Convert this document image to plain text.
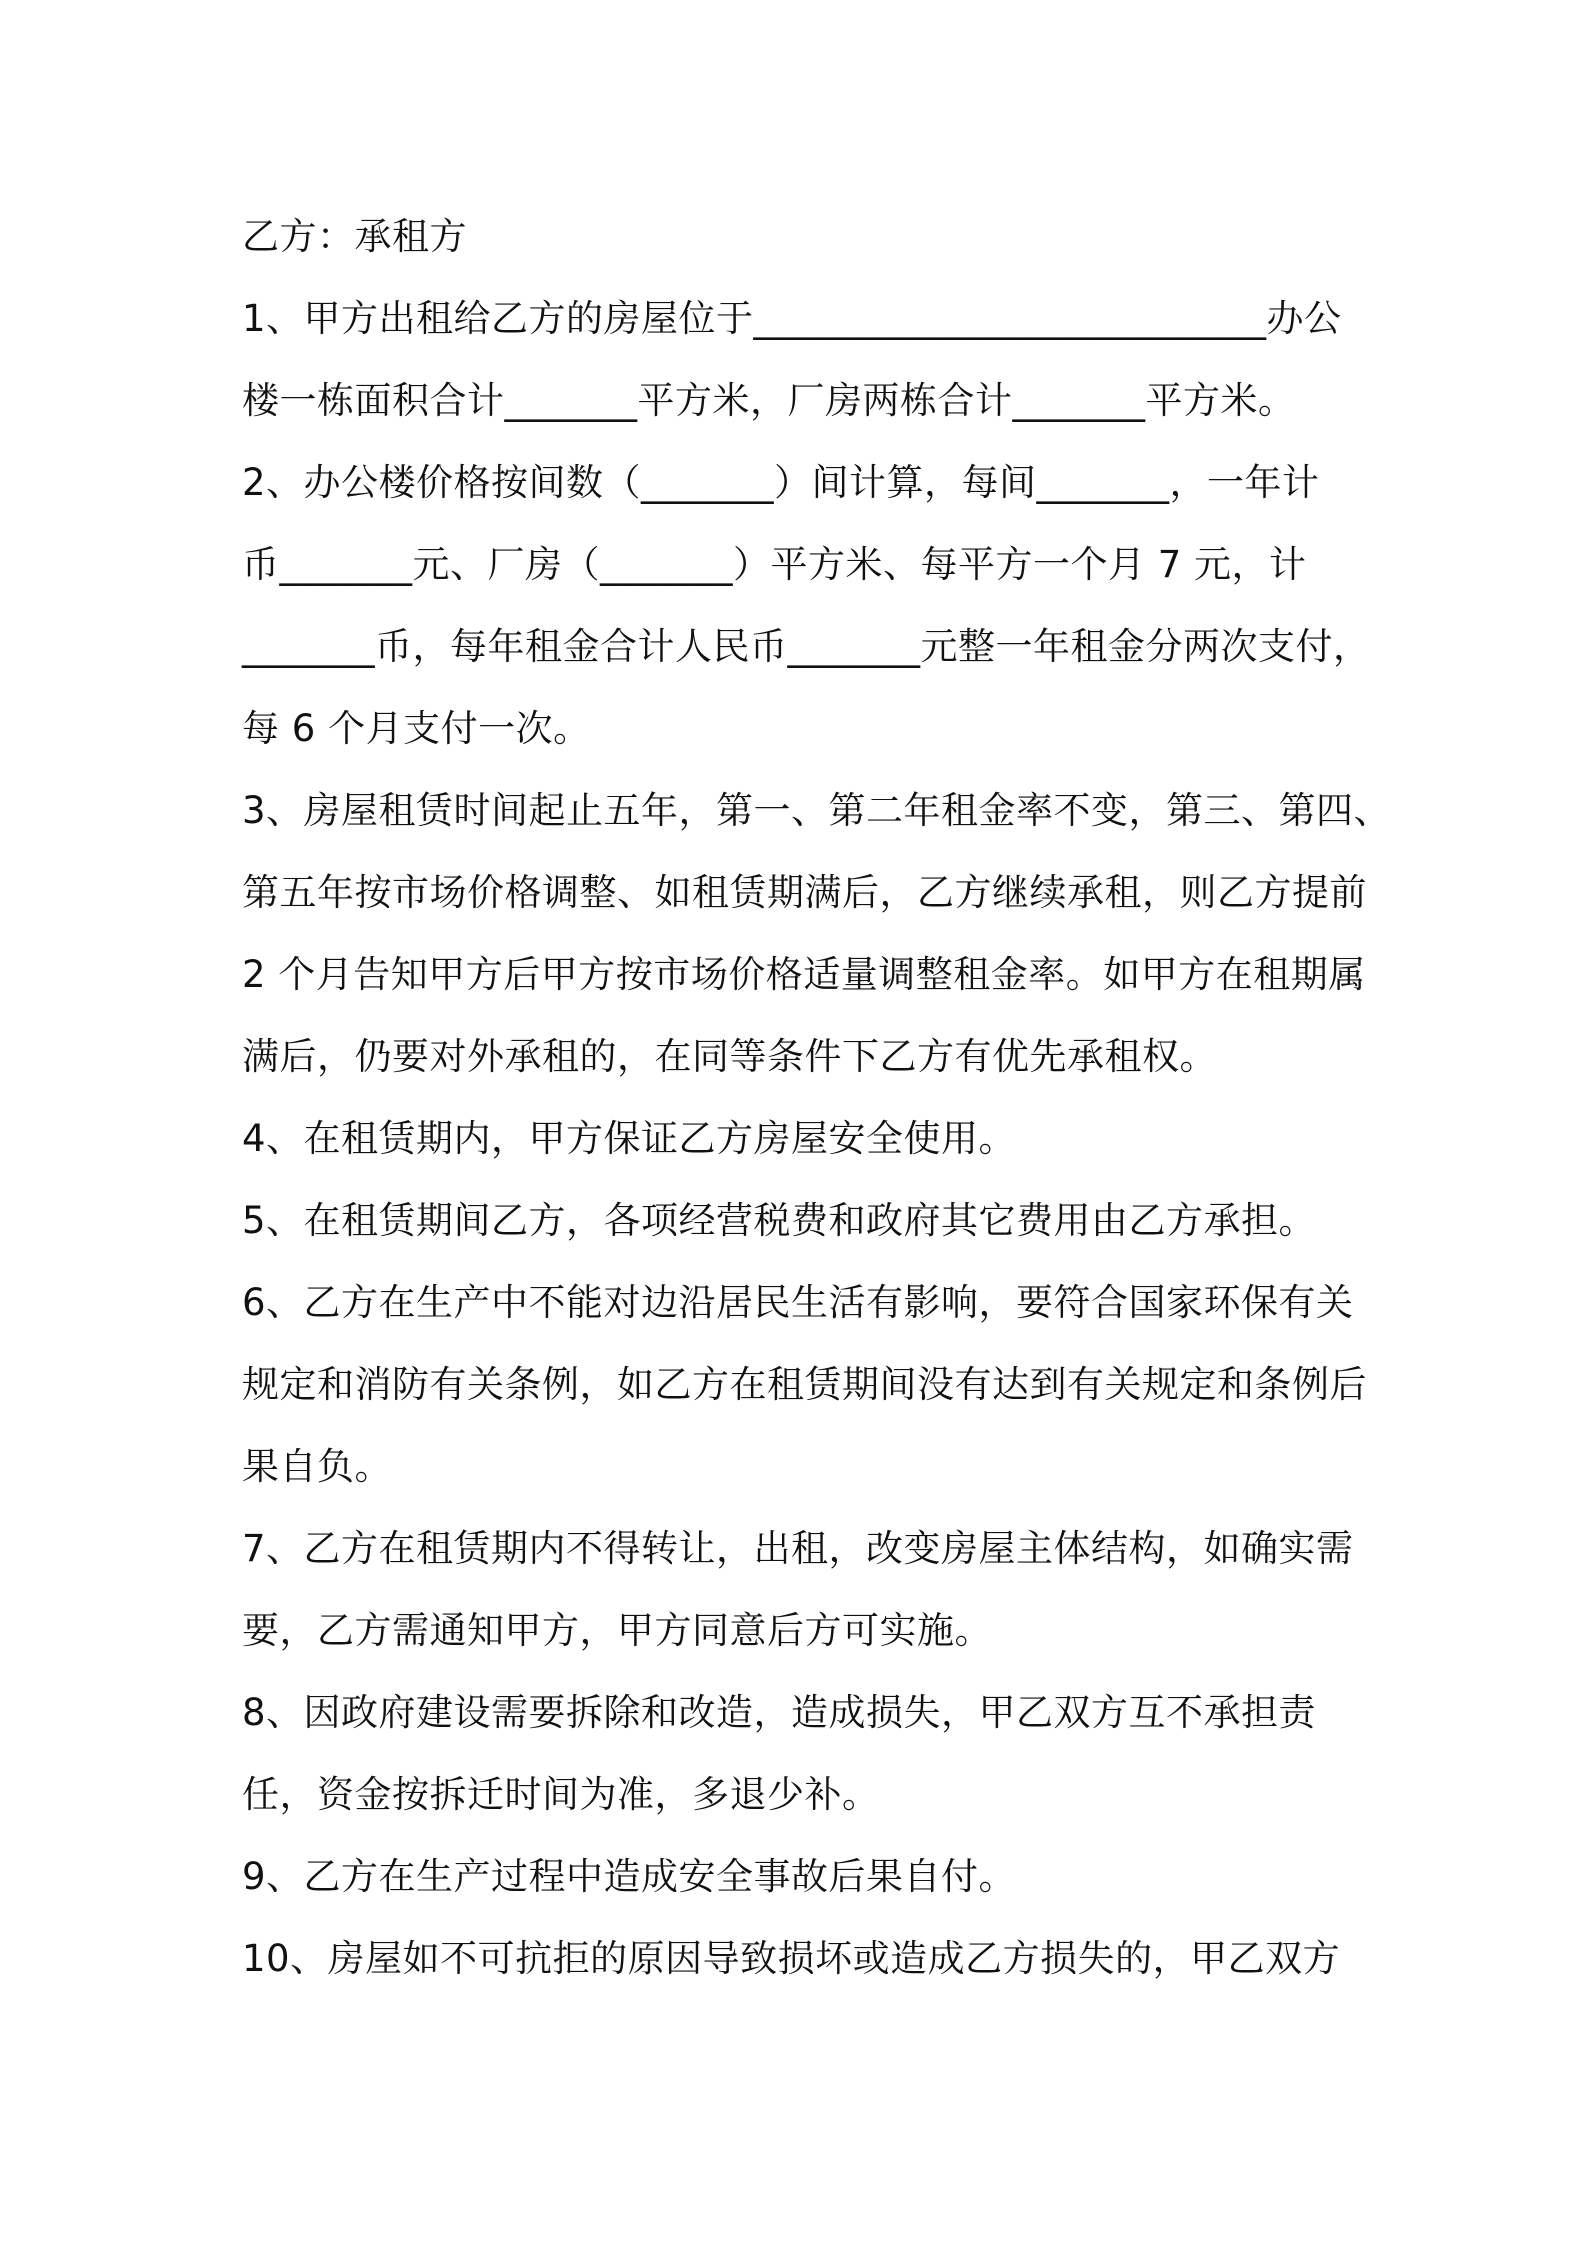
乙方：承租方
1、甲方出租给乙方的房屋位于___________________________办公
楼一栋面积合计_______平方米，厂房两栋合计_______平方米。
2、办公楼价格按间数（_______）间计算，每间_______，一年计
币_______元、厂房（_______）平方米、每平方一个月 7 元，计
_______币，每年租金合计人民币_______元整一年租金分两次支付，
每 6 个月支付一次。
3、房屋租赁时间起止五年，第一、第二年租金率不变，第三、第四、
第五年按市场价格调整、如租赁期满后，乙方继续承租，则乙方提前
2 个月告知甲方后甲方按市场价格适量调整租金率。如甲方在租期属
满后，仍要对外承租的，在同等条件下乙方有优先承租权。
4、在租赁期内，甲方保证乙方房屋安全使用。
5、在租赁期间乙方，各项经营税费和政府其它费用由乙方承担。
6、乙方在生产中不能对边沿居民生活有影响，要符合国家环保有关
规定和消防有关条例，如乙方在租赁期间没有达到有关规定和条例后
果自负。
7、乙方在租赁期内不得转让，出租，改变房屋主体结构，如确实需
要，乙方需通知甲方，甲方同意后方可实施。
8、因政府建设需要拆除和改造，造成损失，甲乙双方互不承担责
任，资金按拆迁时间为准，多退少补。
9、乙方在生产过程中造成安全事故后果自付。
10、房屋如不可抗拒的原因导致损坏或造成乙方损失的，甲乙双方
